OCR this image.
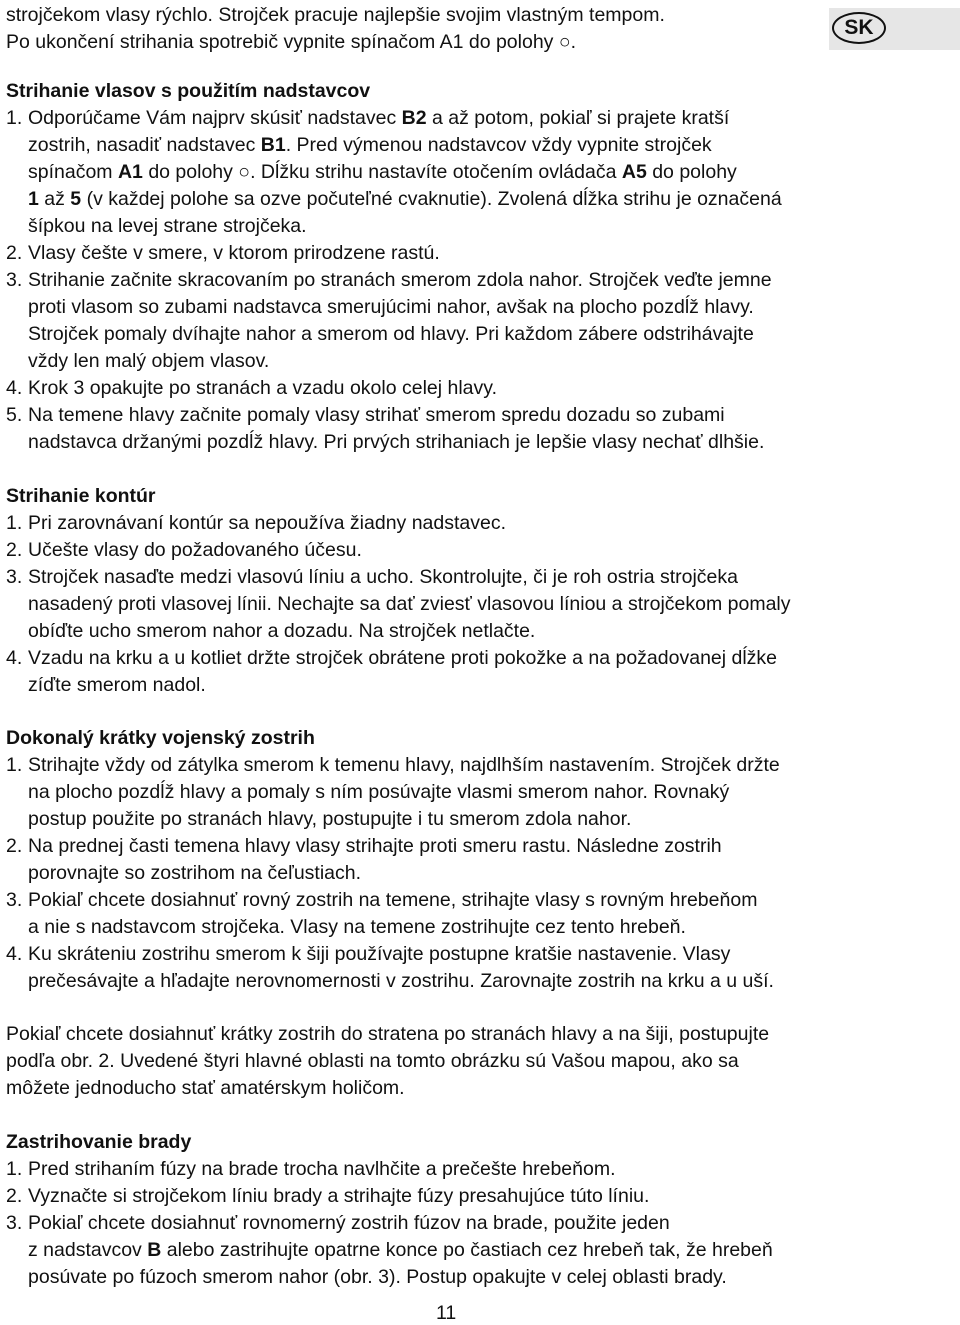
strojčekom vlasy rýchlo. Strojček pracuje najlepšie svojim vlastným tempom.
Po ukončení strihania spotrebič vypnite spínačom A1 do polohy ○.
SK
Strihanie vlasov s použitím nadstavcov
1. Odporúčame Vám najprv skúsiť nadstavec B2 a až potom, pokiaľ si prajete kratší
zostrih, nasadiť nadstavec B1. Pred výmenou nadstavcov vždy vypnite strojček
spínačom A1 do polohy ○. Dĺžku strihu nastavíte otočením ovládača A5 do polohy
1 až 5 (v každej polohe sa ozve počuteľné cvaknutie). Zvolená dĺžka strihu je označená
šípkou na levej strane strojčeka.
2. Vlasy češte v smere, v ktorom prirodzene rastú.
3. Strihanie začnite skracovaním po stranách smerom zdola nahor. Strojček veďte jemne
proti vlasom so zubami nadstavca smerujúcimi nahor, avšak na plocho pozdĺž hlavy.
Strojček pomaly dvíhajte nahor a smerom od hlavy. Pri každom zábere odstrihávajte
vždy len malý objem vlasov.
4. Krok 3 opakujte po stranách a vzadu okolo celej hlavy.
5. Na temene hlavy začnite pomaly vlasy strihať smerom spredu dozadu so zubami
nadstavca držanými pozdĺž hlavy. Pri prvých strihaniach je lepšie vlasy nechať dlhšie.
Strihanie kontúr
1. Pri zarovnávaní kontúr sa nepoužíva žiadny nadstavec.
2. Učešte vlasy do požadovaného účesu.
3. Strojček nasaďte medzi vlasovú líniu a ucho. Skontrolujte, či je roh ostria strojčeka
nasadený proti vlasovej línii. Nechajte sa dať zviesť vlasovou líniou a strojčekom pomaly
obíďte ucho smerom nahor a dozadu. Na strojček netlačte.
4. Vzadu na krku a u kotliet držte strojček obrátene proti pokožke a na požadovanej dĺžke
zíďte smerom nadol.
Dokonalý krátky vojenský zostrih
1. Strihajte vždy od zátylka smerom k temenu hlavy, najdlhším nastavením. Strojček držte
na plocho pozdĺž hlavy a pomaly s ním posúvajte vlasmi smerom nahor. Rovnaký
postup použite po stranách hlavy, postupujte i tu smerom zdola nahor.
2. Na prednej časti temena hlavy vlasy strihajte proti smeru rastu. Následne zostrih
porovnajte so zostrihom na čeľustiach.
3. Pokiaľ chcete dosiahnuť rovný zostrih na temene, strihajte vlasy s rovným hrebeňom
a nie s nadstavcom strojčeka. Vlasy na temene zostrihujte cez tento hrebeň.
4. Ku skráteniu zostrihu smerom k šiji používajte postupne kratšie nastavenie. Vlasy
prečesávajte a hľadajte nerovnomernosti v zostrihu. Zarovnajte zostrih na krku a u uší.
Pokiaľ chcete dosiahnuť krátky zostrih do stratena po stranách hlavy a na šiji, postupujte
podľa obr. 2. Uvedené štyri hlavné oblasti na tomto obrázku sú Vašou mapou, ako sa
môžete jednoducho stať amatérskym holičom.
Zastrihovanie brady
1. Pred strihaním fúzy na brade trocha navlhčite a prečešte hrebeňom.
2. Vyznačte si strojčekom líniu brady a strihajte fúzy presahujúce túto líniu.
3. Pokiaľ chcete dosiahnuť rovnomerný zostrih fúzov na brade, použite jeden
z nadstavcov B alebo zastrihujte opatrne konce po častiach cez hrebeň tak, že hrebeň
posúvate po fúzoch smerom nahor (obr. 3). Postup opakujte v celej oblasti brady.
11
